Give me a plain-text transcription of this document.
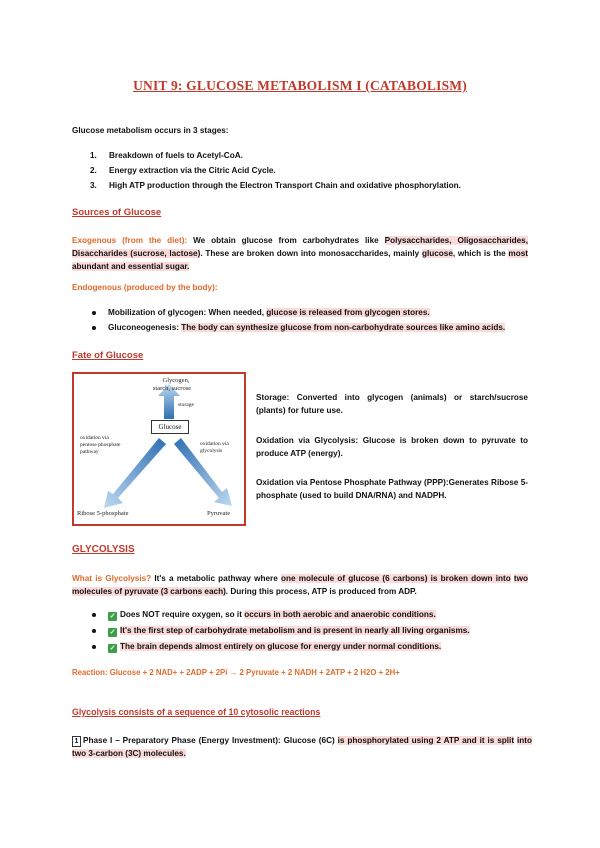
UNIT 9: GLUCOSE METABOLISM I (CATABOLISM)
Glucose metabolism occurs in 3 stages:
1. Breakdown of fuels to Acetyl-CoA.
2. Energy extraction via the Citric Acid Cycle.
3. High ATP production through the Electron Transport Chain and oxidative phosphorylation.
Sources of Glucose
Exogenous (from the diet): We obtain glucose from carbohydrates like Polysaccharides, Oligosaccharides, Disaccharides (sucrose, lactose). These are broken down into monosaccharides, mainly glucose, which is the most abundant and essential sugar.
Endogenous (produced by the body):
Mobilization of glycogen: When needed, glucose is released from glycogen stores.
Gluconeogenesis: The body can synthesize glucose from non-carbohydrate sources like amino acids.
Fate of Glucose
Glycogen,
starch, sucrose
storage
Glucose
oxidation via
pentose phosphate
pathway
oxidation via
glycolysis
Ribose 5-phosphate	Pyruvate
Storage: Converted into glycogen (animals) or starch/sucrose (plants) for future use.
Oxidation via Glycolysis: Glucose is broken down to pyruvate to produce ATP (energy).
Oxidation via Pentose Phosphate Pathway (PPP):Generates Ribose 5-phosphate (used to build DNA/RNA) and NADPH.
GLYCOLYSIS
What is Glycolysis? It's a metabolic pathway where one molecule of glucose (6 carbons) is broken down into two molecules of pyruvate (3 carbons each). During this process, ATP is produced from ADP.
✓ Does NOT require oxygen, so it occurs in both aerobic and anaerobic conditions.
✓ It's the first step of carbohydrate metabolism and is present in nearly all living organisms.
✓ The brain depends almost entirely on glucose for energy under normal conditions.
Reaction: Glucose + 2 NAD+ + 2ADP + 2Pi → 2 Pyruvate + 2 NADH + 2ATP + 2 H2O + 2H+
Glycolysis consists of a sequence of 10 cytosolic reactions
1 Phase I – Preparatory Phase (Energy Investment): Glucose (6C) is phosphorylated using 2 ATP and it is split into two 3-carbon (3C) molecules.
